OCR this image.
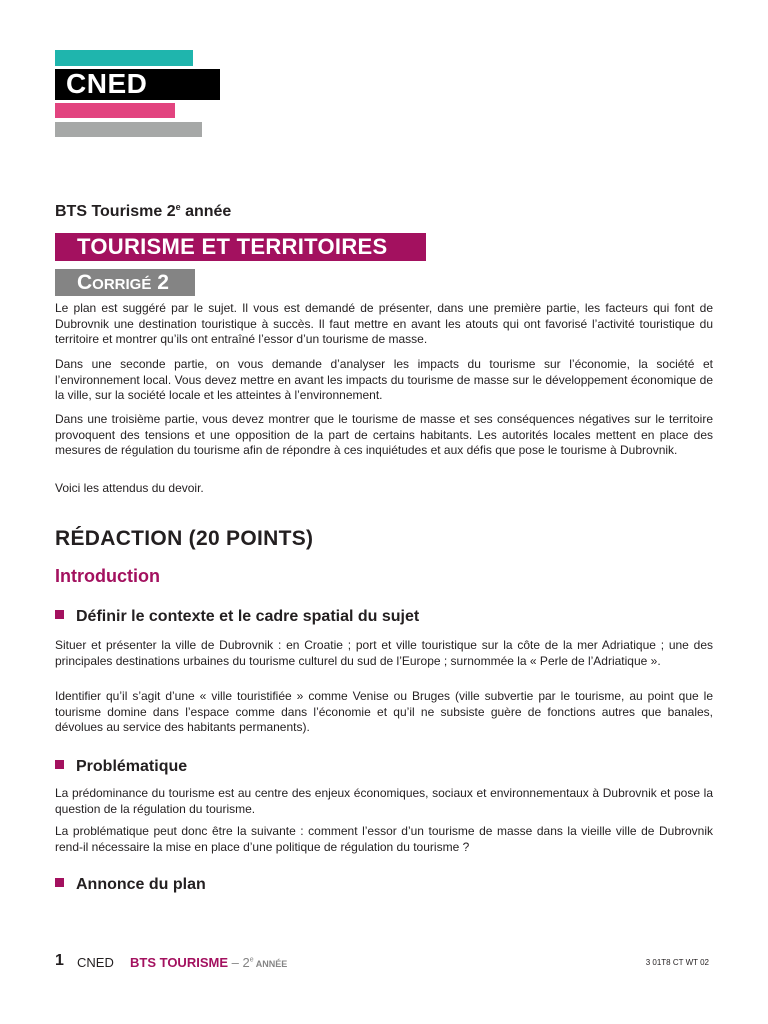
CNED
BTS Tourisme 2e année
TOURISME ET TERRITOIRES
CORRIGÉ 2

Le plan est suggéré par le sujet. Il vous est demandé de présenter, dans une première partie, les facteurs qui font de Dubrovnik une destination touristique à succès. Il faut mettre en avant les atouts qui ont favorisé l’activité touristique du territoire et montrer qu’ils ont entraîné l’essor d’un tourisme de masse.

Dans une seconde partie, on vous demande d’analyser les impacts du tourisme sur l’économie, la société et l’environnement local. Vous devez mettre en avant les impacts du tourisme de masse sur le développement économique de la ville, sur la société locale et les atteintes à l’environnement.

Dans une troisième partie, vous devez montrer que le tourisme de masse et ses conséquences négatives sur le territoire provoquent des tensions et une opposition de la part de certains habitants. Les autorités locales mettent en place des mesures de régulation du tourisme afin de répondre à ces inquiétudes et aux défis que pose le tourisme à Dubrovnik.

Voici les attendus du devoir.

RÉDACTION (20 POINTS)
Introduction
Définir le contexte et le cadre spatial du sujet

Situer et présenter la ville de Dubrovnik : en Croatie ; port et ville touristique sur la côte de la mer Adriatique ; une des principales destinations urbaines du tourisme culturel du sud de l’Europe ; surnommée la « Perle de l’Adriatique ».

Identifier qu’il s’agit d’une « ville touristifiée » comme Venise ou Bruges (ville subvertie par le tourisme, au point que le tourisme domine dans l’espace comme dans l’économie et qu’il ne subsiste guère de fonctions autres que banales, dévolues au service des habitants permanents).

Problématique

La prédominance du tourisme est au centre des enjeux économiques, sociaux et environnementaux à Dubrovnik et pose la question de la régulation du tourisme.

La problématique peut donc être la suivante : comment l’essor d’un tourisme de masse dans la vieille ville de Dubrovnik rend-il nécessaire la mise en place d’une politique de régulation du tourisme ?

Annonce du plan
1 CNED BTS TOURISME – 2e ANNÉE	3 01T8 CT WT 02
